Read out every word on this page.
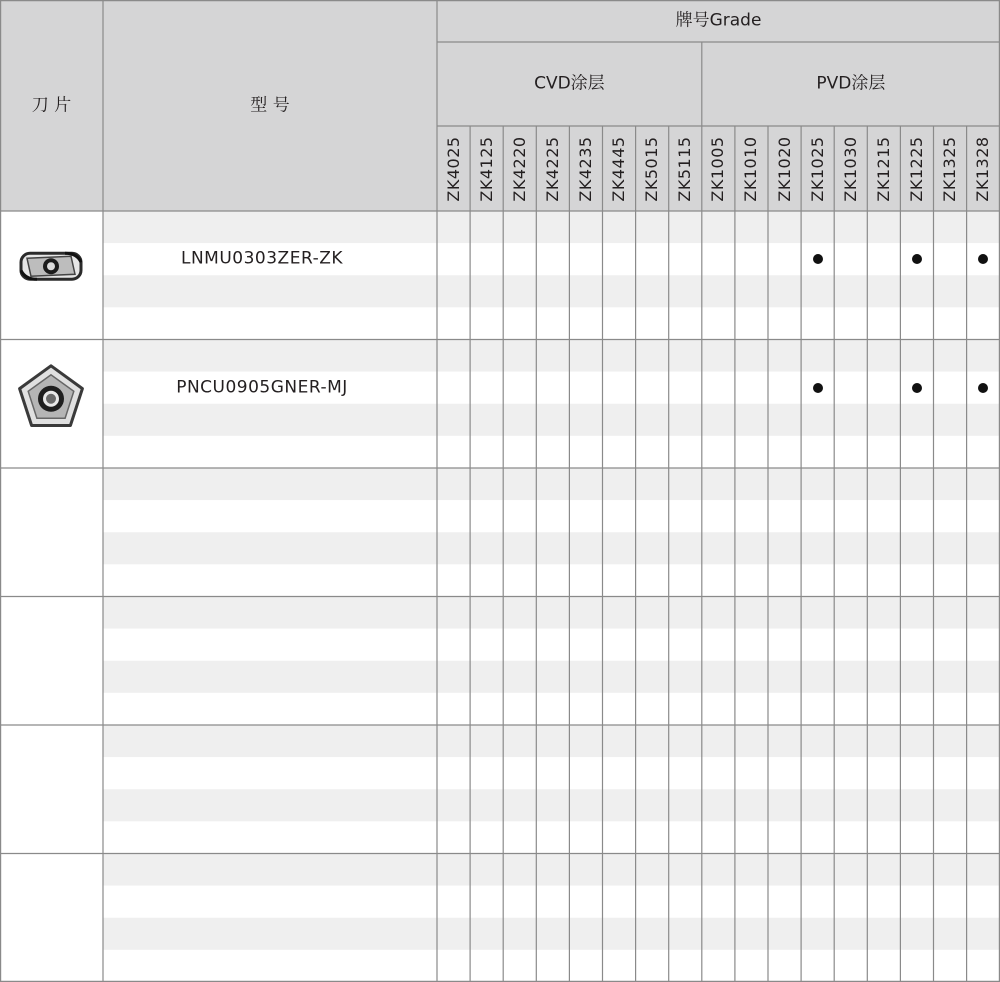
刀 片	型 号
牌号Grade
CVD涂层	PVD涂层
ZK4025 ZK4125 ZK4220 ZK4225 ZK4235 ZK4445 ZK5015 ZK5115 ZK1005 ZK1010 ZK1020 ZK1025 ZK1030 ZK1215 ZK1225 ZK1325 ZK1328
LNMU0303ZER-ZK
PNCU0905GNER-MJ
